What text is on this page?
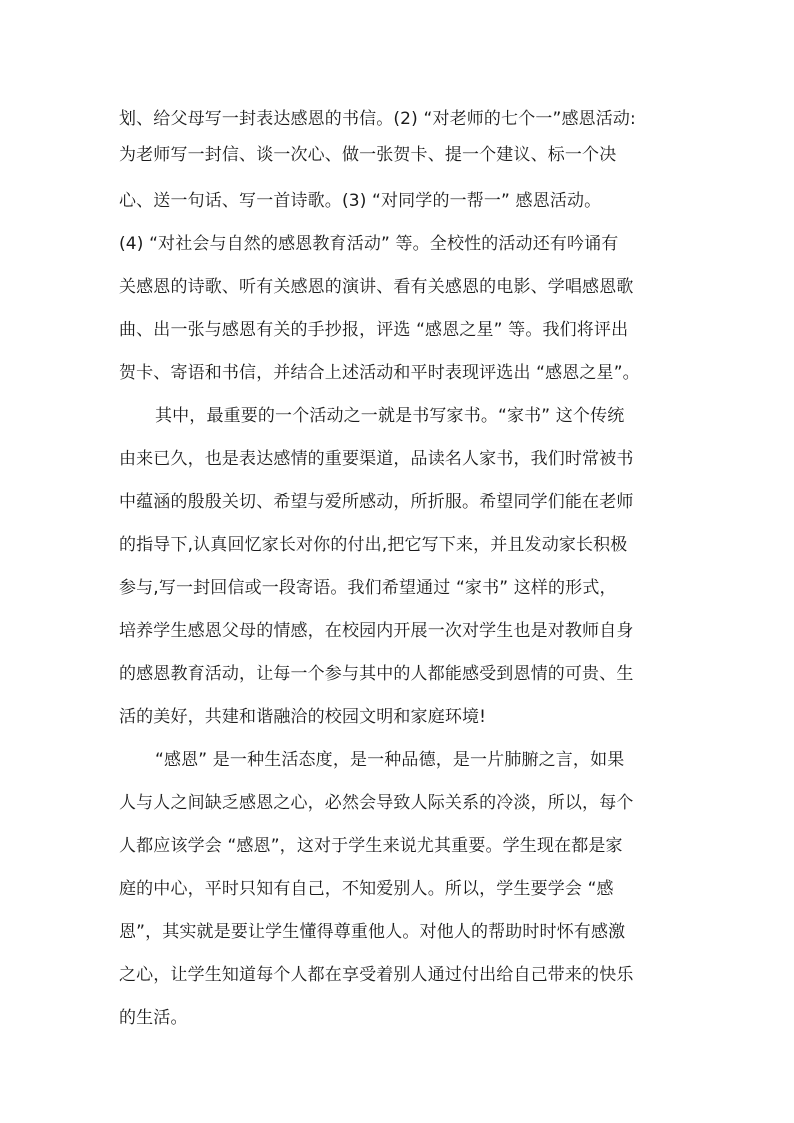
划、给父母写一封表达感恩的书信。(2) “对老师的七个一”感恩活动:
为老师写一封信、谈一次心、做一张贺卡、提一个建议、标一个决
心、送一句话、写一首诗歌。(3) “对同学的一帮一” 感恩活动。
(4) “对社会与自然的感恩教育活动” 等。全校性的活动还有吟诵有
关感恩的诗歌、听有关感恩的演讲、看有关感恩的电影、学唱感恩歌
曲、出一张与感恩有关的手抄报，评选 “感恩之星” 等。我们将评出
贺卡、寄语和书信，并结合上述活动和平时表现评选出 “感恩之星”。
其中，最重要的一个活动之一就是书写家书。“家书” 这个传统
由来已久，也是表达感情的重要渠道，品读名人家书，我们时常被书
中蕴涵的殷殷关切、希望与爱所感动，所折服。希望同学们能在老师
的指导下,认真回忆家长对你的付出,把它写下来，并且发动家长积极
参与,写一封回信或一段寄语。我们希望通过 “家书” 这样的形式，
培养学生感恩父母的情感，在校园内开展一次对学生也是对教师自身
的感恩教育活动，让每一个参与其中的人都能感受到恩情的可贵、生
活的美好，共建和谐融洽的校园文明和家庭环境!
“感恩” 是一种生活态度，是一种品德，是一片肺腑之言，如果
人与人之间缺乏感恩之心，必然会导致人际关系的冷淡，所以，每个
人都应该学会 “感恩”，这对于学生来说尤其重要。学生现在都是家
庭的中心，平时只知有自己，不知爱别人。所以，学生要学会 “感
恩”，其实就是要让学生懂得尊重他人。对他人的帮助时时怀有感激
之心，让学生知道每个人都在享受着别人通过付出给自己带来的快乐
的生活。
